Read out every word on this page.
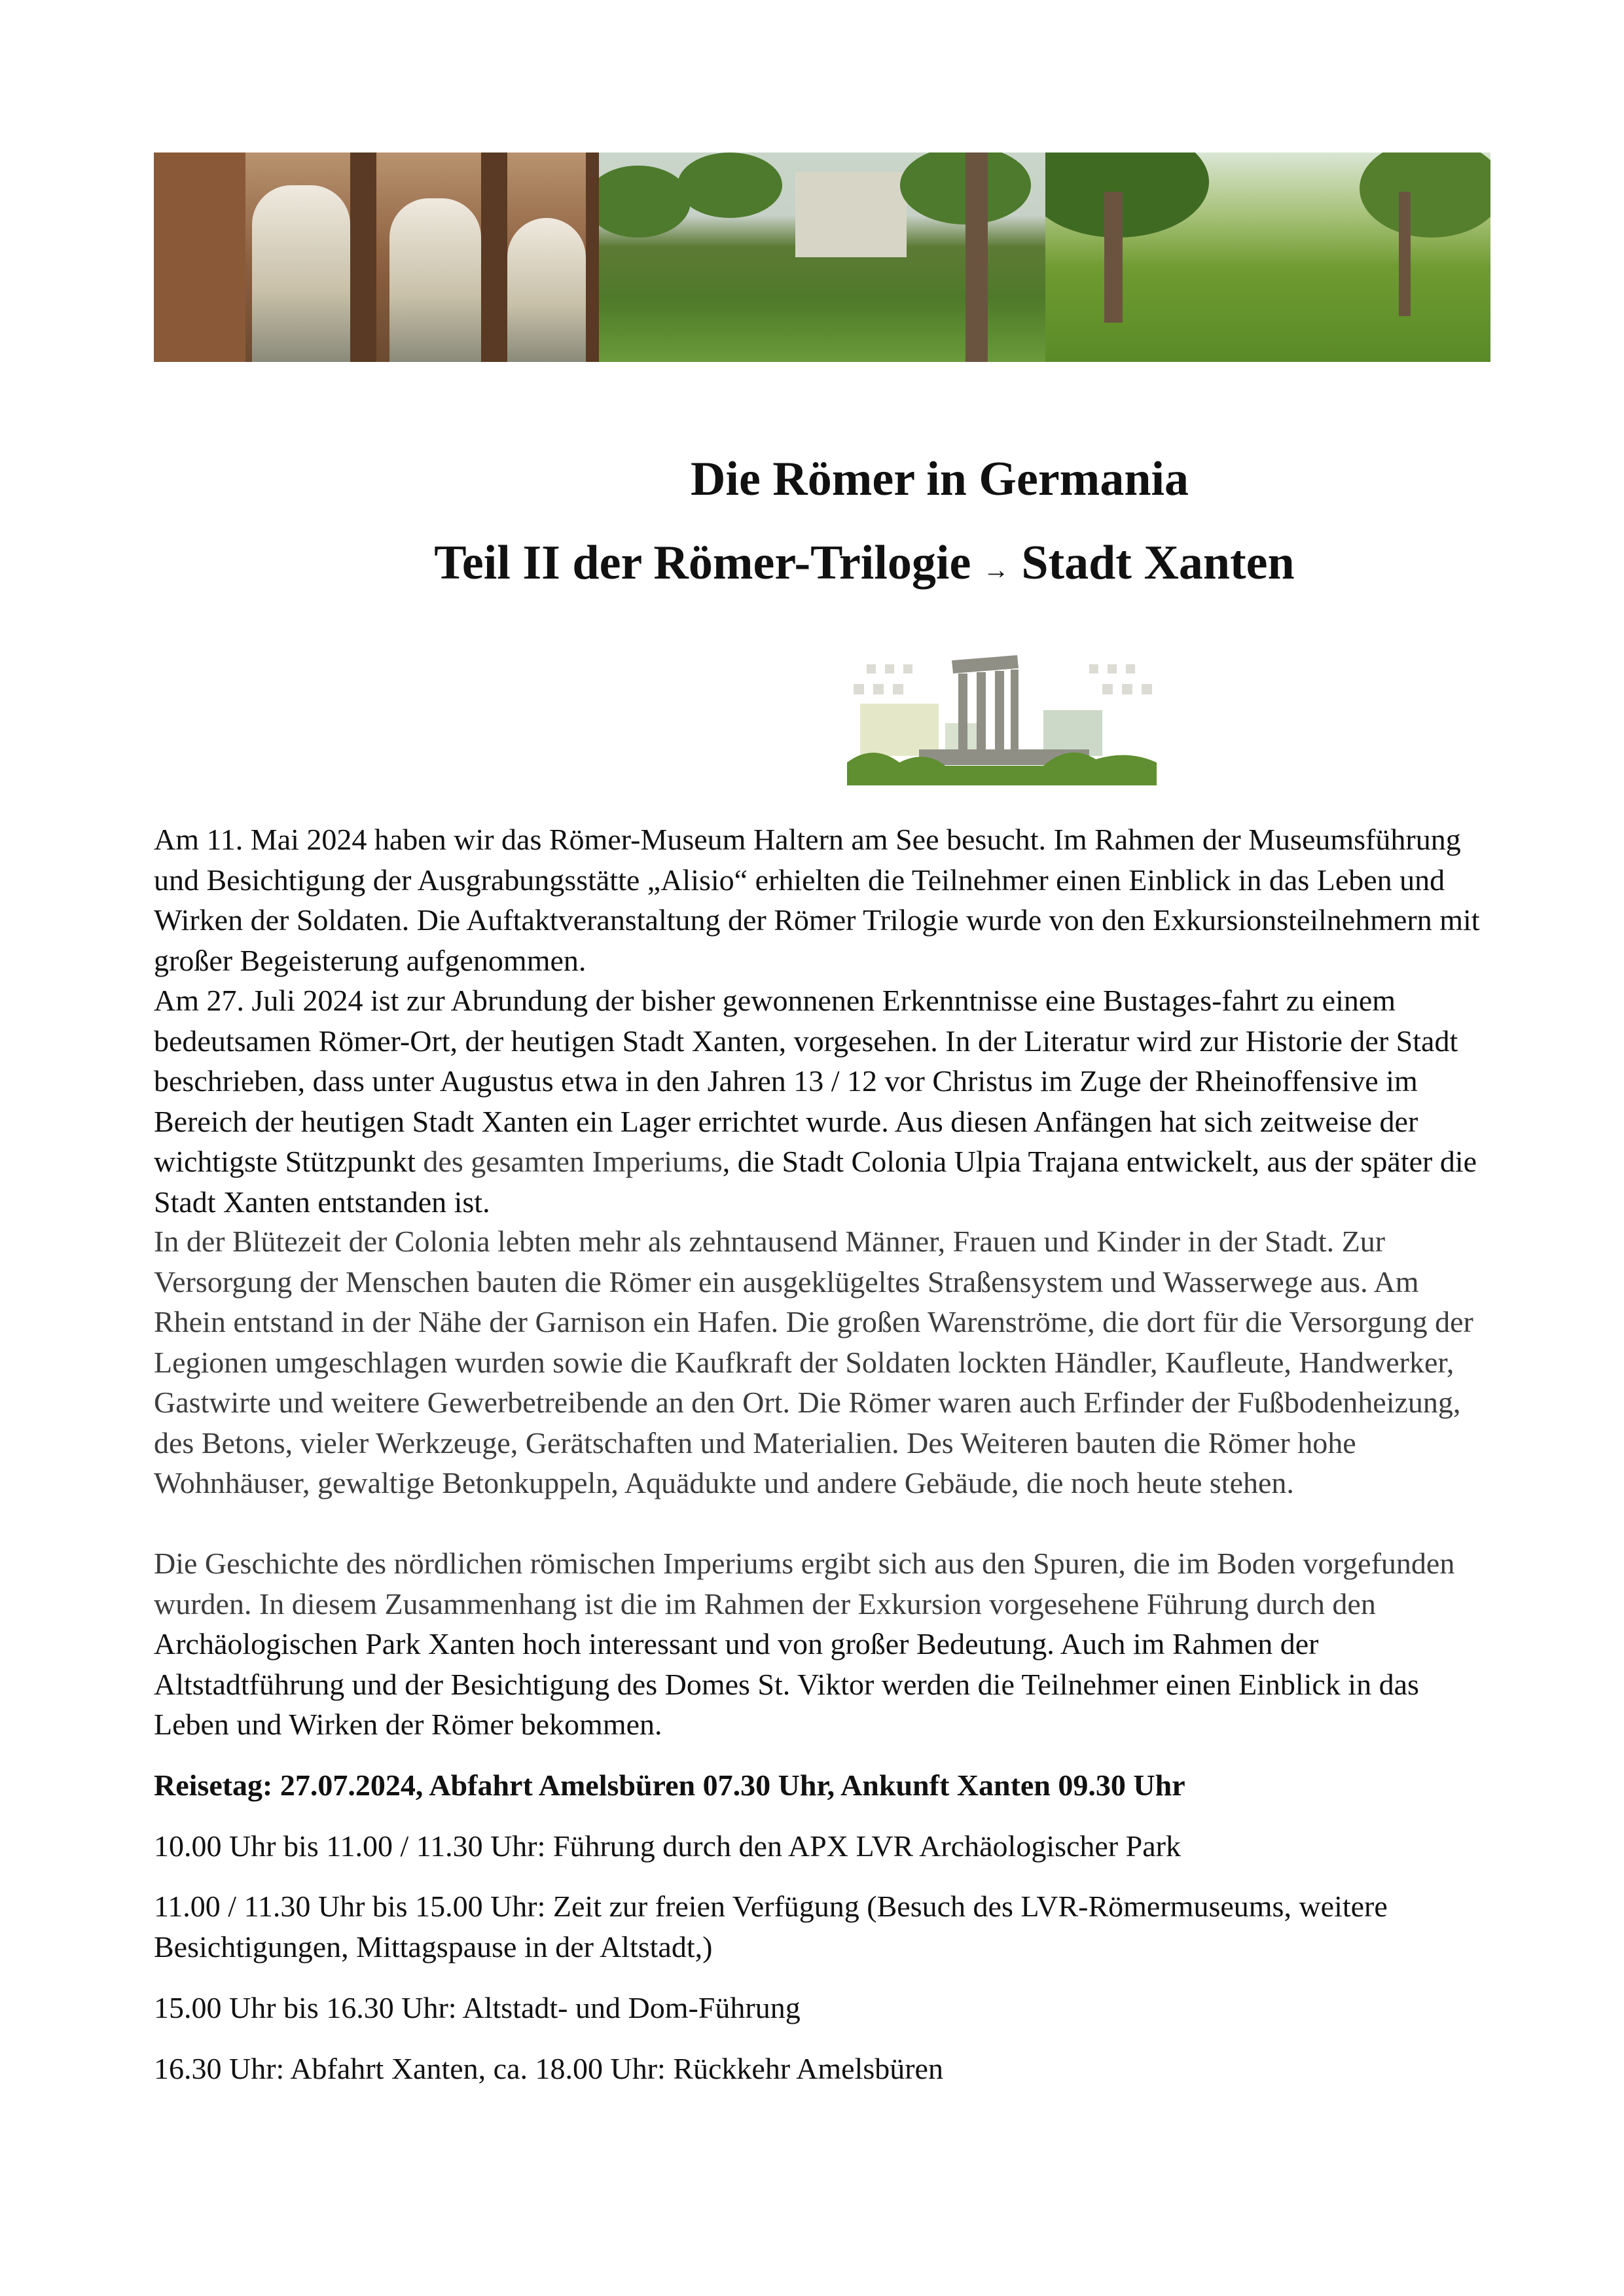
Die Römer in Germania
Teil II der Römer-Trilogie → Stadt Xanten

Am 11. Mai 2024 haben wir das Römer-Museum Haltern am See besucht. Im Rahmen der Museumsführung und Besichtigung der Ausgrabungsstätte „Alisio“ erhielten die Teilnehmer einen Einblick in das Leben und Wirken der Soldaten. Die Auftaktveranstaltung der Römer Trilogie wurde von den Exkursionsteilnehmern mit großer Begeisterung aufgenommen.

Am 27. Juli 2024 ist zur Abrundung der bisher gewonnenen Erkenntnisse eine Bustages-fahrt zu einem bedeutsamen Römer-Ort, der heutigen Stadt Xanten, vorgesehen. In der Literatur wird zur Historie der Stadt beschrieben, dass unter Augustus etwa in den Jahren 13 / 12 vor Christus im Zuge der Rheinoffensive im Bereich der heutigen Stadt Xanten ein Lager errichtet wurde. Aus diesen Anfängen hat sich zeitweise der wichtigste Stützpunkt des gesamten Imperiums, die Stadt Colonia Ulpia Trajana entwickelt, aus der später die Stadt Xanten entstanden ist.

In der Blütezeit der Colonia lebten mehr als zehntausend Männer, Frauen und Kinder in der Stadt. Zur Versorgung der Menschen bauten die Römer ein ausgeklügeltes Straßensystem und Wasserwege aus. Am Rhein entstand in der Nähe der Garnison ein Hafen. Die großen Warenströme, die dort für die Versorgung der Legionen umgeschlagen wurden sowie die Kaufkraft der Soldaten lockten Händler, Kaufleute, Handwerker, Gastwirte und weitere Gewerbetreibende an den Ort. Die Römer waren auch Erfinder der Fußbodenheizung, des Betons, vieler Werkzeuge, Gerätschaften und Materialien. Des Weiteren bauten die Römer hohe Wohnhäuser, gewaltige Betonkuppeln, Aquädukte und andere Gebäude, die noch heute stehen.

Die Geschichte des nördlichen römischen Imperiums ergibt sich aus den Spuren, die im Boden vorgefunden wurden. In diesem Zusammenhang ist die im Rahmen der Exkursion vorgesehene Führung durch den Archäologischen Park Xanten hoch interessant und von großer Bedeutung. Auch im Rahmen der Altstadtführung und der Besichtigung des Domes St. Viktor werden die Teilnehmer einen Einblick in das Leben und Wirken der Römer bekommen.

Reisetag: 27.07.2024, Abfahrt Amelsbüren 07.30 Uhr, Ankunft Xanten 09.30 Uhr

10.00 Uhr bis 11.00 / 11.30 Uhr: Führung durch den APX LVR Archäologischer Park

11.00 / 11.30 Uhr bis 15.00 Uhr: Zeit zur freien Verfügung (Besuch des LVR-Römermuseums, weitere Besichtigungen, Mittagspause in der Altstadt,)

15.00 Uhr bis 16.30 Uhr: Altstadt- und Dom-Führung

16.30 Uhr: Abfahrt Xanten, ca. 18.00 Uhr: Rückkehr Amelsbüren
